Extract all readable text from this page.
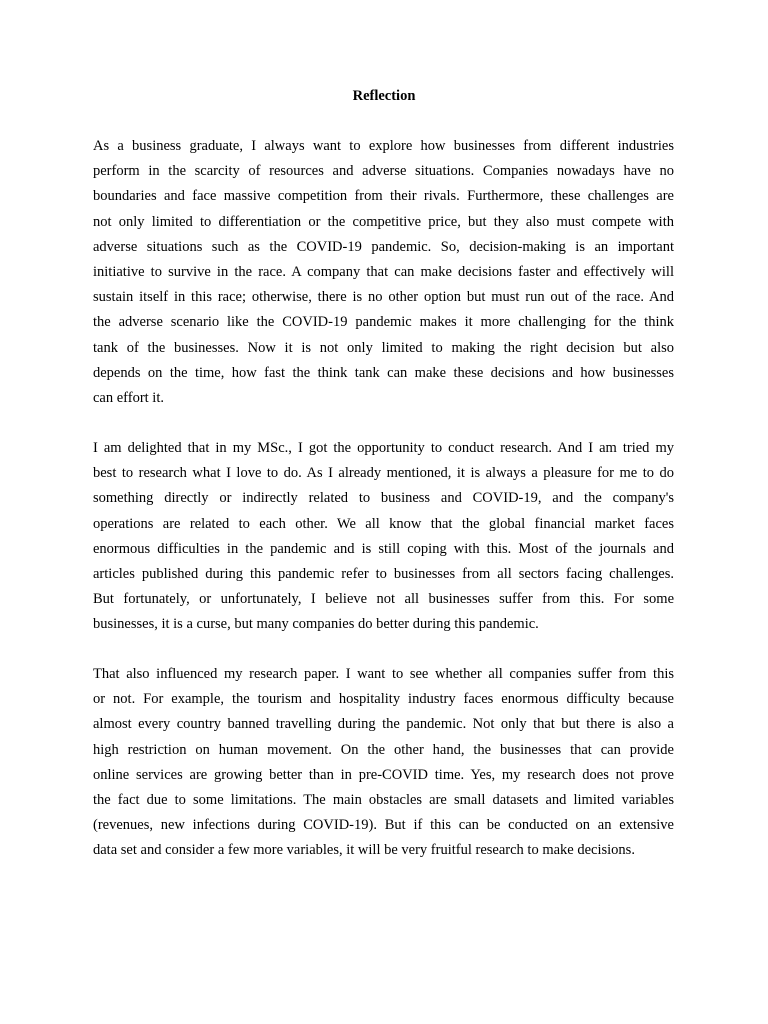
Reflection
As a business graduate, I always want to explore how businesses from different industries
perform in the scarcity of resources and adverse situations. Companies nowadays have no
boundaries and face massive competition from their rivals. Furthermore, these challenges are
not only limited to differentiation or the competitive price, but they also must compete with
adverse situations such as the COVID-19 pandemic. So, decision-making is an important
initiative to survive in the race. A company that can make decisions faster and effectively will
sustain itself in this race; otherwise, there is no other option but must run out of the race. And
the adverse scenario like the COVID-19 pandemic makes it more challenging for the think
tank of the businesses. Now it is not only limited to making the right decision but also
depends on the time, how fast the think tank can make these decisions and how businesses
can effort it.
I am delighted that in my MSc., I got the opportunity to conduct research. And I am tried my
best to research what I love to do. As I already mentioned, it is always a pleasure for me to do
something directly or indirectly related to business and COVID-19, and the company's
operations are related to each other. We all know that the global financial market faces
enormous difficulties in the pandemic and is still coping with this. Most of the journals and
articles published during this pandemic refer to businesses from all sectors facing challenges.
But fortunately, or unfortunately, I believe not all businesses suffer from this. For some
businesses, it is a curse, but many companies do better during this pandemic.
That also influenced my research paper. I want to see whether all companies suffer from this
or not. For example, the tourism and hospitality industry faces enormous difficulty because
almost every country banned travelling during the pandemic. Not only that but there is also a
high restriction on human movement. On the other hand, the businesses that can provide
online services are growing better than in pre-COVID time. Yes, my research does not prove
the fact due to some limitations. The main obstacles are small datasets and limited variables
(revenues, new infections during COVID-19). But if this can be conducted on an extensive
data set and consider a few more variables, it will be very fruitful research to make decisions.
